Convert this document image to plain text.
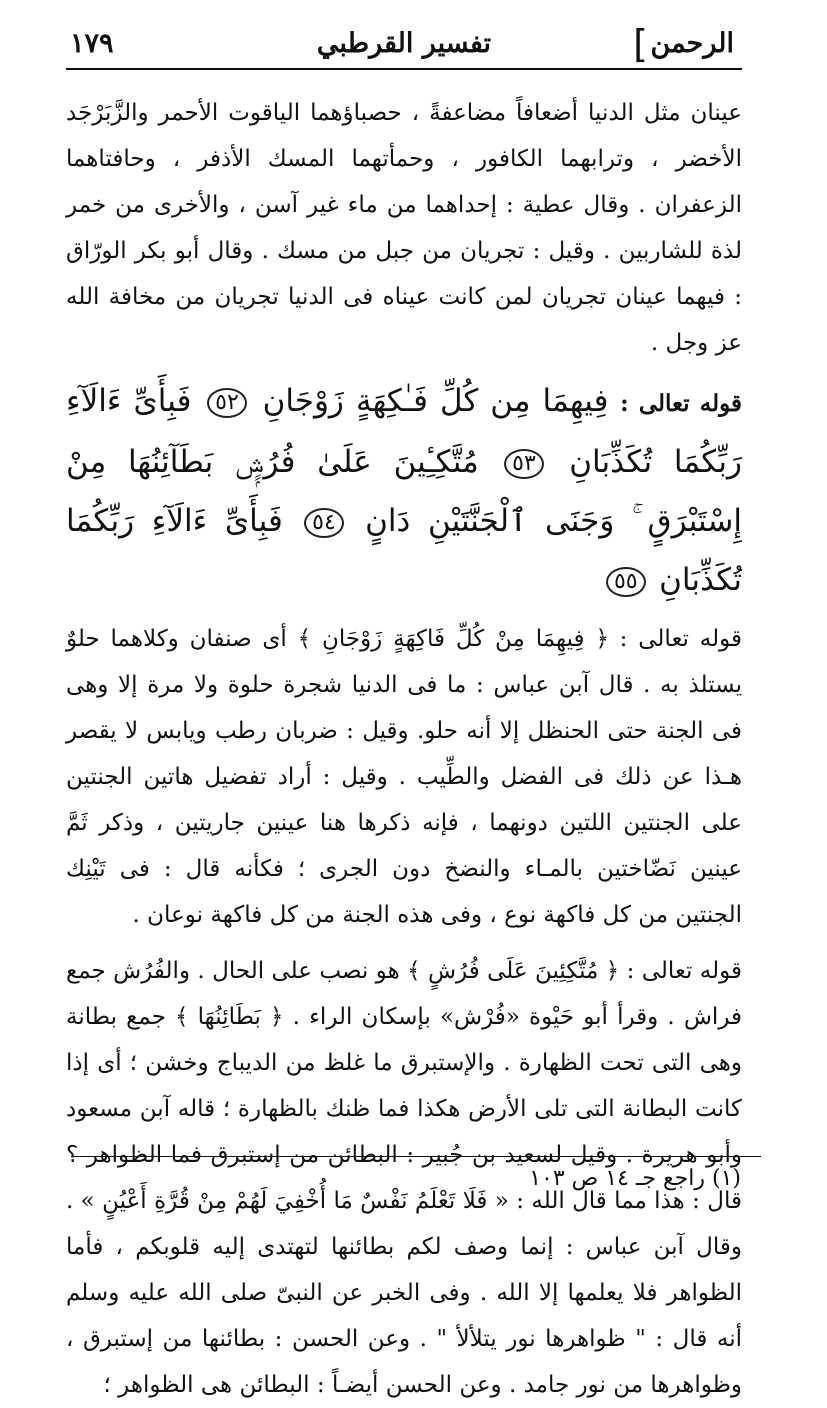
الرحمن
]
تفسير القرطبي
١٧٩

عينان مثل الدنيا أضعافاً مضاعفةً ، حصباؤهما الياقوت الأحمر والزَّبَرْجَد الأخضر ، وترابهما الكافور ، وحمأتهما المسك الأذفر ، وحافتاهما الزعفران . وقال عطية : إحداهما من ماء غير آسن ، والأخرى من خمر لذة للشاربين . وقيل : تجريان من جبل من مسك . وقال أبو بكر الورّاق : فيهما عينان تجريان لمن كانت عيناه فى الدنيا تجريان من مخافة الله عز وجل .

قوله تعالى : فِيهِمَا مِن كُلِّ فَـٰكِهَةٍ زَوْجَانِ ٥٢ فَبِأَىِّ ءَالَآءِ رَبِّكُمَا تُكَذِّبَانِ ٥٣ مُتَّكِـِٔينَ عَلَىٰ فُرُشٍۭ بَطَآئِنُهَا مِنْ إِسْتَبْرَقٍ ۚ وَجَنَى ٱلْجَنَّتَيْنِ دَانٍ ٥٤ فَبِأَىِّ ءَالَآءِ رَبِّكُمَا تُكَذِّبَانِ ٥٥

قوله تعالى : ﴿ فِيهِمَا مِنْ كُلِّ فَاكِهَةٍ زَوْجَانِ ﴾ أى صنفان وكلاهما حلوٌ يستلذ به . قال آبن عباس : ما فى الدنيا شجرة حلوة ولا مرة إلا وهى فى الجنة حتى الحنظل إلا أنه حلو. وقيل : ضربان رطب ويابس لا يقصر هـذا عن ذلك فى الفضل والطِّيب . وقيل : أراد تفضيل هاتين الجنتين على الجنتين اللتين دونهما ، فإنه ذكرها هنا عينين جاريتين ، وذكر ثَمَّ عينين نَضّاختين بالمـاء والنضخ دون الجرى ؛ فكأنه قال : فى تَيْنِك الجنتين من كل فاكهة نوع ، وفى هذه الجنة من كل فاكهة نوعان .

قوله تعالى : ﴿ مُتَّكِئِينَ عَلَى فُرُشٍ ﴾ هو نصب على الحال . والفُرُش جمع فراش . وقرأ أبو حَيْوة «فُرْش» بإسكان الراء . ﴿ بَطَائِنُهَا ﴾ جمع بطانة وهى التى تحت الظهارة . والإستبرق ما غلظ من الديباج وخشن ؛ أى إذا كانت البطانة التى تلى الأرض هكذا فما ظنك بالظهارة ؛ قاله آبن مسعود وأبو هريرة . وقيل لسعيد بن جُبير : البطائن من إستبرق فما الظواهر ؟ قال : هذا مما قال الله : « فَلَا تَعْلَمُ نَفْسٌ مَا أُخْفِيَ لَهُمْ مِنْ قُرَّةِ أَعْيُنٍ » . وقال آبن عباس : إنما وصف لكم بطائنها لتهتدى إليه قلوبكم ، فأما الظواهر فلا يعلمها إلا الله . وفى الخبر عن النبىّ صلى الله عليه وسلم أنه قال : " ظواهرها نور يتلألأ " . وعن الحسن : بطائنها من إستبرق ، وظواهرها من نور جامد . وعن الحسن أيضـاً : البطائن هى الظواهر ؛

(١) راجع جـ ١٤ ص ١٠٣
